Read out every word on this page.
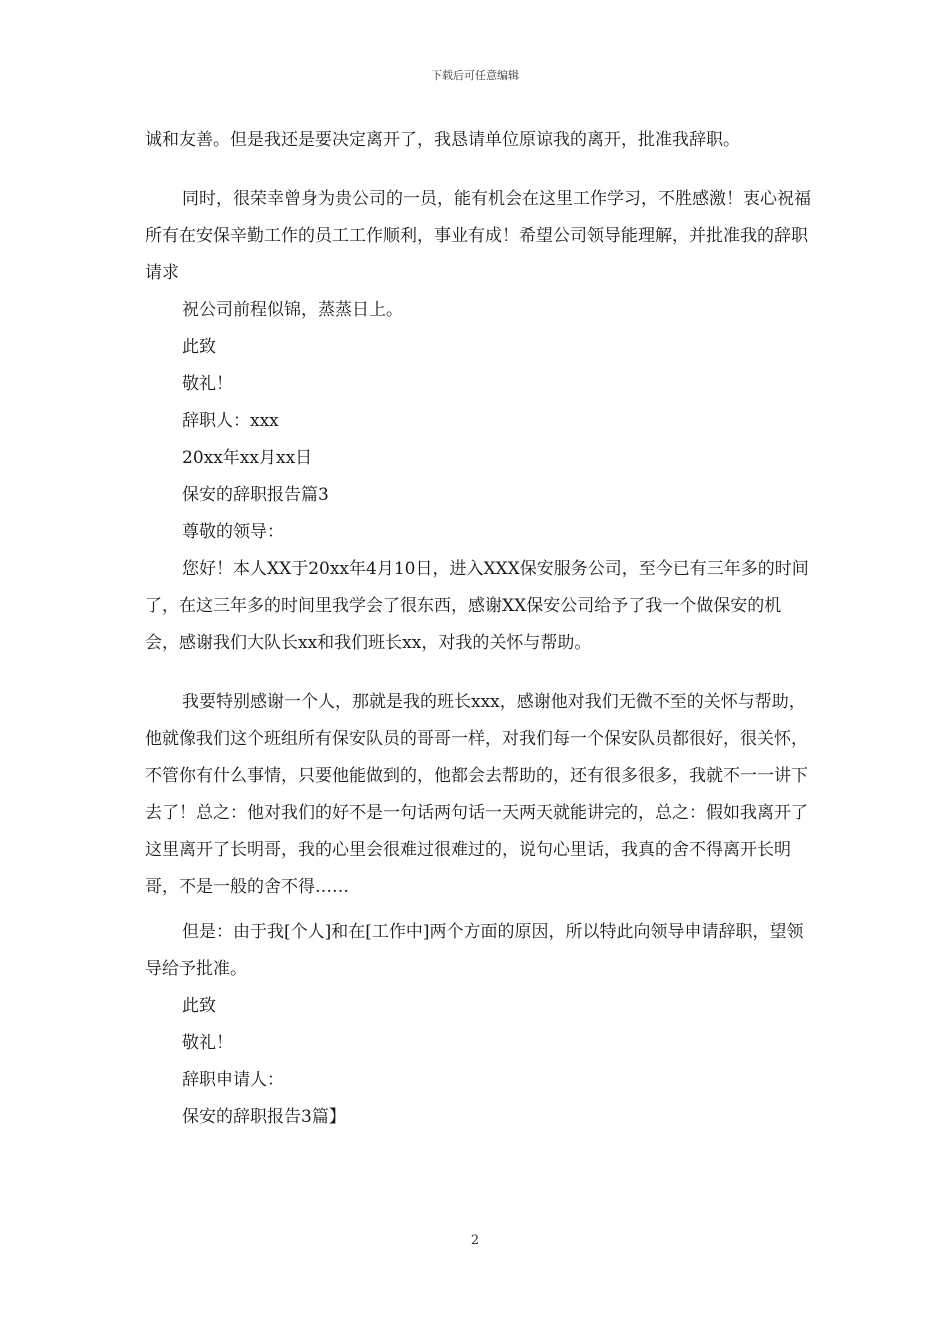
下载后可任意编辑

诚和友善。但是我还是要决定离开了，我恳请单位原谅我的离开，批准我辞职。

同时，很荣幸曾身为贵公司的一员，能有机会在这里工作学习，不胜感激！衷心祝福所有在安保辛勤工作的员工工作顺利，事业有成！希望公司领导能理解，并批准我的辞职请求

祝公司前程似锦，蒸蒸日上。

此致

敬礼！

辞职人：xxx

20xx年xx月xx日

保安的辞职报告篇3

尊敬的领导：

您好！本人XX于20xx年4月10日，进入XXX保安服务公司，至今已有三年多的时间了，在这三年多的时间里我学会了很东西，感谢XX保安公司给予了我一个做保安的机会，感谢我们大队长xx和我们班长xx，对我的关怀与帮助。

我要特别感谢一个人，那就是我的班长xxx，感谢他对我们无微不至的关怀与帮助，他就像我们这个班组所有保安队员的哥哥一样，对我们每一个保安队员都很好，很关怀，不管你有什么事情，只要他能做到的，他都会去帮助的，还有很多很多，我就不一一讲下去了！总之：他对我们的好不是一句话两句话一天两天就能讲完的，总之：假如我离开了这里离开了长明哥，我的心里会很难过很难过的，说句心里话，我真的舍不得离开长明哥，不是一般的舍不得……

但是：由于我[个人]和在[工作中]两个方面的原因，所以特此向领导申请辞职，望领导给予批准。

此致

敬礼！

辞职申请人：

保安的辞职报告3篇】

2
